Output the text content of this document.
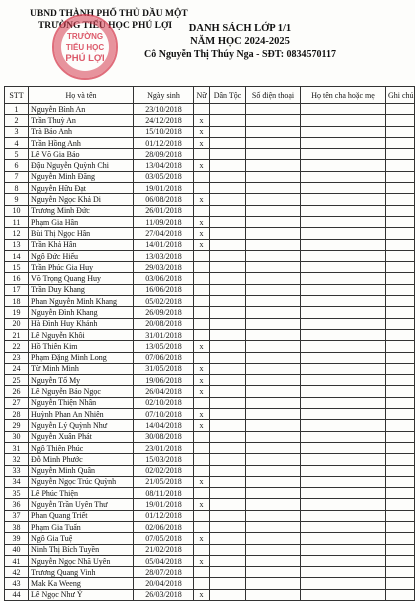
UBND THÀNH PHỐ THỦ DẦU MỘT
TRƯỜNG TIỂU HỌC PHÚ LỢI
TRƯỜNG
TIỂU HỌC
PHÚ LỢI
DANH SÁCH LỚP 1/1
NĂM HỌC 2024-2025
Cô Nguyễn Thị Thúy Nga - SĐT: 0834570117
STT	Họ và tên	Ngày sinh	Nữ	Dân Tộc	Số điện thoại	Họ tên cha hoặc mẹ	Ghi chú
1	Nguyễn Bình An	23/10/2018					
2	Trần Thuỳ An	24/12/2018	x				
3	Trà Bảo Anh	15/10/2018	x				
4	Trần Hồng Anh	01/12/2018	x				
5	Lê Võ Gia Bảo	28/09/2018					
6	Đậu Nguyễn Quỳnh Chi	13/04/2018	x				
7	Nguyễn Minh Đăng	03/05/2018					
8	Nguyễn Hữu Đạt	19/01/2018					
9	Nguyễn Ngọc Khả Di	06/08/2018	x				
10	Trương Minh Đức	26/01/2018					
11	Phạm Gia Hân	11/09/2018	x				
12	Bùi Thị Ngọc Hân	27/04/2018	x				
13	Trần Khả Hân	14/01/2018	x				
14	Ngô Đức Hiếu	13/03/2018					
15	Trần Phúc Gia Huy	29/03/2018					
16	Võ Trọng Quang Huy	03/06/2018					
17	Trần Duy Khang	16/06/2018					
18	Phan Nguyễn Minh Khang	05/02/2018					
19	Nguyễn Đình Khang	26/09/2018					
20	Hà Đình Huy Khánh	20/08/2018					
21	Lê Nguyễn Khôi	31/01/2018					
22	Hồ Thiên Kim	13/05/2018	x				
23	Phạm Đặng Minh Long	07/06/2018					
24	Từ Minh Minh	31/05/2018	x				
25	Nguyễn Tố My	19/06/2018	x				
26	Lê Nguyễn Bảo Ngọc	26/04/2018	x				
27	Nguyễn Thiện Nhân	02/10/2018					
28	Huỳnh Phan An Nhiên	07/10/2018	x				
29	Nguyễn Lý Quỳnh Như	14/04/2018	x				
30	Nguyễn Xuân Phát	30/08/2018					
31	Ngô Thiên Phúc	23/01/2018					
32	Đỗ Minh Phước	15/03/2018					
33	Nguyễn Minh Quân	02/02/2018					
34	Nguyễn Ngọc Trúc Quỳnh	21/05/2018	x				
35	Lê Phúc Thiện	08/11/2018					
36	Nguyễn Trần Uyên Thư	19/01/2018	x				
37	Phan Quang Triết	01/12/2018					
38	Phạm Gia Tuấn	02/06/2018					
39	Ngô Gia Tuệ	07/05/2018	x				
40	Ninh Thị Bích Tuyền	21/02/2018					
41	Nguyễn Ngọc Nhã Uyên	05/04/2018	x				
42	Trương Quang Vinh	28/07/2018					
43	Mak Ka Weeng	20/04/2018					
44	Lê Ngọc Như Ý	26/03/2018	x				
